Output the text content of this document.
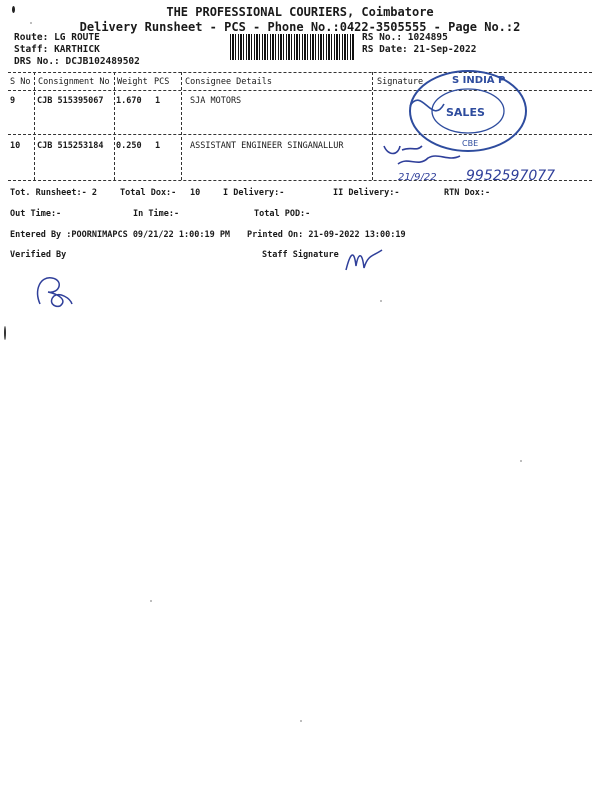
THE PROFESSIONAL COURIERS, Coimbatore
Delivery Runsheet - PCS - Phone No.:0422-3505555 - Page No.:2
Route: LG ROUTE
Staff: KARTHICK
DRS No.: DCJB102489502
RS No.: 1024895
RS Date: 21-Sep-2022
S No Consignment No Weight PCS Consignee Details	Signature
9	CJB 515395067 1.670 1	SJA MOTORS
10 CJB 515253184 0.250 1	ASSISTANT ENGINEER SINGANALLUR
S INDIA P
SALES
CBE
21/9/22 9952597077
Tot. Runsheet:- 2	Total Dox:- 10	I Delivery:-	II Delivery:-	RTN Dox:-
Out Time:-	In Time:-	Total POD:-
Entered By :POORNIMAPCS 09/21/22 1:00:19 PM Printed On: 21-09-2022 13:00:19
Verified By	Staff Signature
